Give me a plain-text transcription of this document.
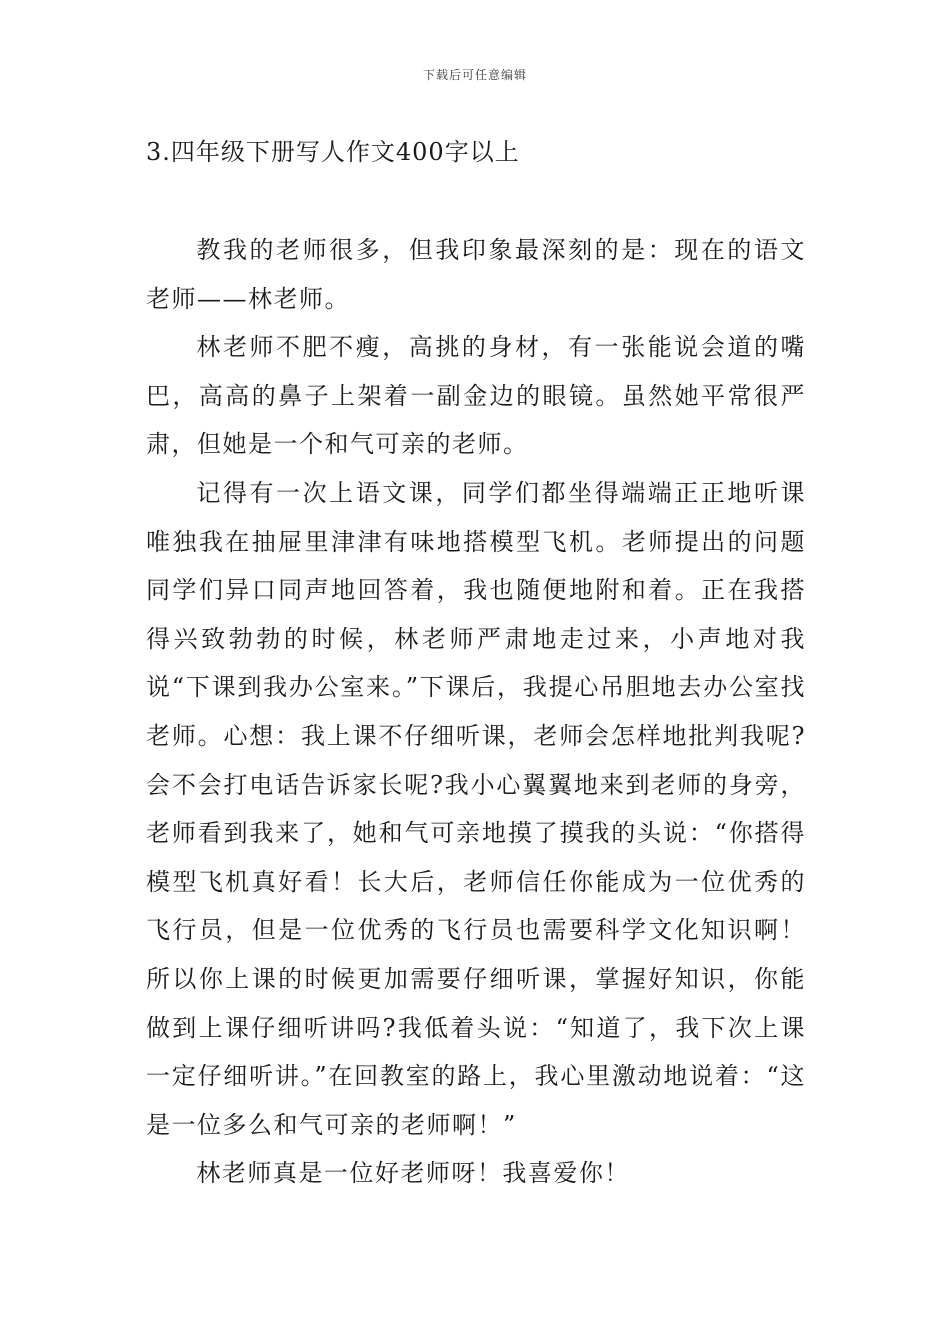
下载后可任意编辑
3.四年级下册写人作文400字以上

教我的老师很多，但我印象最深刻的是：现在的语文老师——林老师。

林老师不肥不瘦，高挑的身材，有一张能说会道的嘴巴，高高的鼻子上架着一副金边的眼镜。虽然她平常很严肃，但她是一个和气可亲的老师。

记得有一次上语文课，同学们都坐得端端正正地听课唯独我在抽屉里津津有味地搭模型飞机。老师提出的问题同学们异口同声地回答着，我也随便地附和着。正在我搭得兴致勃勃的时候，林老师严肃地走过来，小声地对我说“下课到我办公室来。”下课后，我提心吊胆地去办公室找老师。心想：我上课不仔细听课，老师会怎样地批判我呢?会不会打电话告诉家长呢?我小心翼翼地来到老师的身旁，老师看到我来了，她和气可亲地摸了摸我的头说：“你搭得模型飞机真好看！长大后，老师信任你能成为一位优秀的飞行员，但是一位优秀的飞行员也需要科学文化知识啊！所以你上课的时候更加需要仔细听课，掌握好知识，你能做到上课仔细听讲吗?我低着头说：“知道了，我下次上课一定仔细听讲。”在回教室的路上，我心里激动地说着：“这是一位多么和气可亲的老师啊！”

林老师真是一位好老师呀！我喜爱你！
